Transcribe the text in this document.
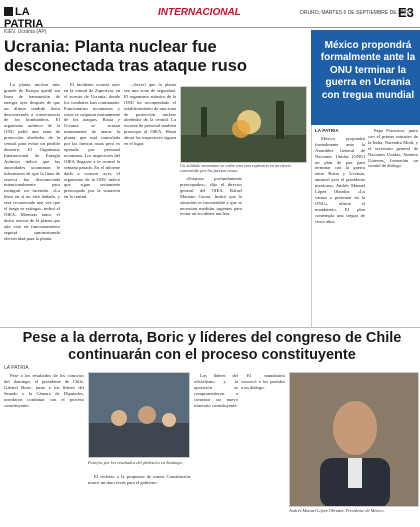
LA PATRIA
INTERNACIONAL	ORURO, MARTES 6 DE SEPTIEMBRE DE 2022
E3
KIEV, Ucrania (AP)
Ucrania: Planta nuclear fue desconectada tras ataque ruso

La planta nuclear más grande de Europa quedó sin línea de transmisión de energía ayer después de que un último tendido fuera desconectado a consecuencia de los bombardeos. El organismo atómico de la ONU pidió una zona de protección alrededor de la central para evitar un posible desastre. El Organismo Internacional de Energía Atómica indicó que las autoridades ucranianas le informaron de que la línea de reserva fue desconectada intencionalmente para extinguir un incendio. «La línea en sí no está dañada, y será reconectada una vez que el fuego se extinga», indicó el OIEA. Mientras tanto, el único reactor de la planta que aún está en funcionamiento seguirá suministrando electricidad para la planta.

El incidente ocurrió ayer en la central de Zaporiyia, en el sureste de Ucrania, donde los combates han continuado. Funcionarios ucranianos y rusos se culparon mutuamente de los ataques. Rusia y Ucrania se acusan mutuamente de atacar la planta, que está controlada por las fuerzas rusas pero es operada por personal ucraniano. Los inspectores del OIEA llegaron a la central la semana pasada. En el informe dado a conocer ayer, el organismo de la ONU indicó que sigue seriamente preocupado por la situación en la central.

...(texto) que la planta sea una zona de seguridad. El organismo atómico de la ONU ha recomendado el establecimiento de una zona de protección nuclear alrededor de la central. La escasez de personal también preocupa al OIEA. Hasta ahora los inspectores siguen en el lugar.

Un soldado ucraniano se cubre tras una explosión en territorio controlado por las fuerzas rusas.

«Estamos profundamente preocupados», dijo el director general del OIEA, Rafael Mariano Grossi. Indicó que la situación es insostenible y que se necesitan medidas urgentes para evitar un accidente nuclear.

México propondrá formalmente ante la ONU terminar la guerra en Ucrania con tregua mundial
LA PATRIA

México propondrá formalmente ante la Asamblea General de Naciones Unidas (ONU) un plan de paz para terminar con la guerra entre Rusia y Ucrania, anunció ayer el presidente mexicano, Andrés Manuel López Obrador. «Lo vamos a presentar en la ONU», afirmó el mandatario. El plan contempla una tregua de cinco años.

Papa Francisco, junto con el primer ministro de la India, Narendra Modi, y el secretario general de Naciones Unidas, António Guterres, formarían un comité de diálogo.

Pese a la derrota, Boric y líderes del congreso de Chile continuarán con el proceso constituyente
LA PATRIA

Pese a los resultados de los comicios del domingo, el presidente de Chile, Gabriel Boric, junto a los líderes del Senado y la Cámara de Diputados, acordaron continuar con el proceso constituyente.

Festejos por los resultados del plebiscito en Santiago.

El rechazo a la propuesta de nueva Constitución marcó un duro revés para el gobierno.

Los líderes del oficialismo y la oposición se comprometieron a construir un nuevo itinerario constituyente.

El mandatario convocó a los partidos a un diálogo.

Andrés Manuel López Obrador, Presidente de México.
